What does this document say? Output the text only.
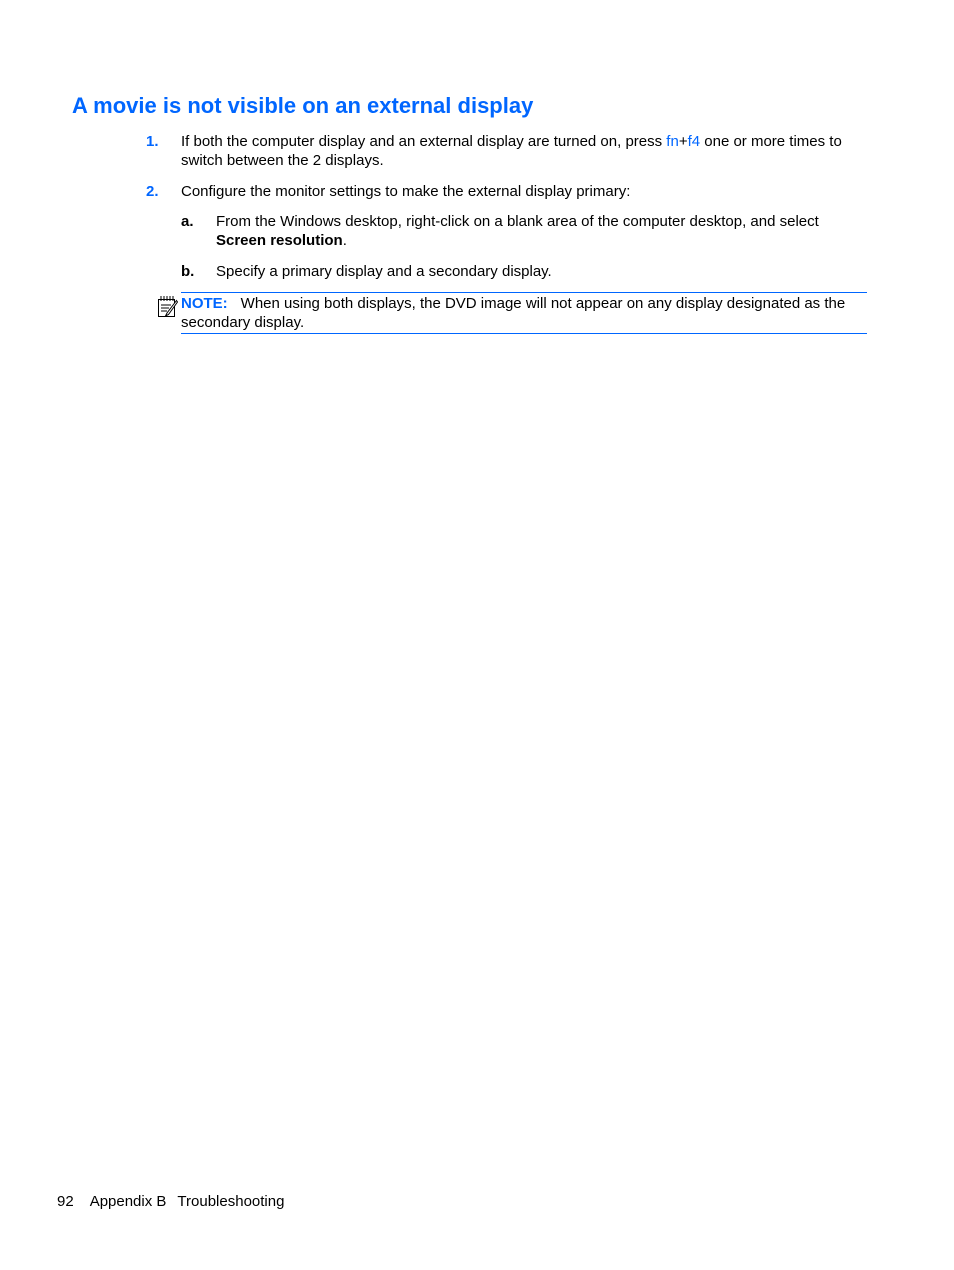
A movie is not visible on an external display
1. If both the computer display and an external display are turned on, press fn+f4 one or more times to switch between the 2 displays.
2. Configure the monitor settings to make the external display primary:
a. From the Windows desktop, right-click on a blank area of the computer desktop, and select Screen resolution.
b. Specify a primary display and a secondary display.
NOTE: When using both displays, the DVD image will not appear on any display designated as the secondary display.
92 Appendix B Troubleshooting
